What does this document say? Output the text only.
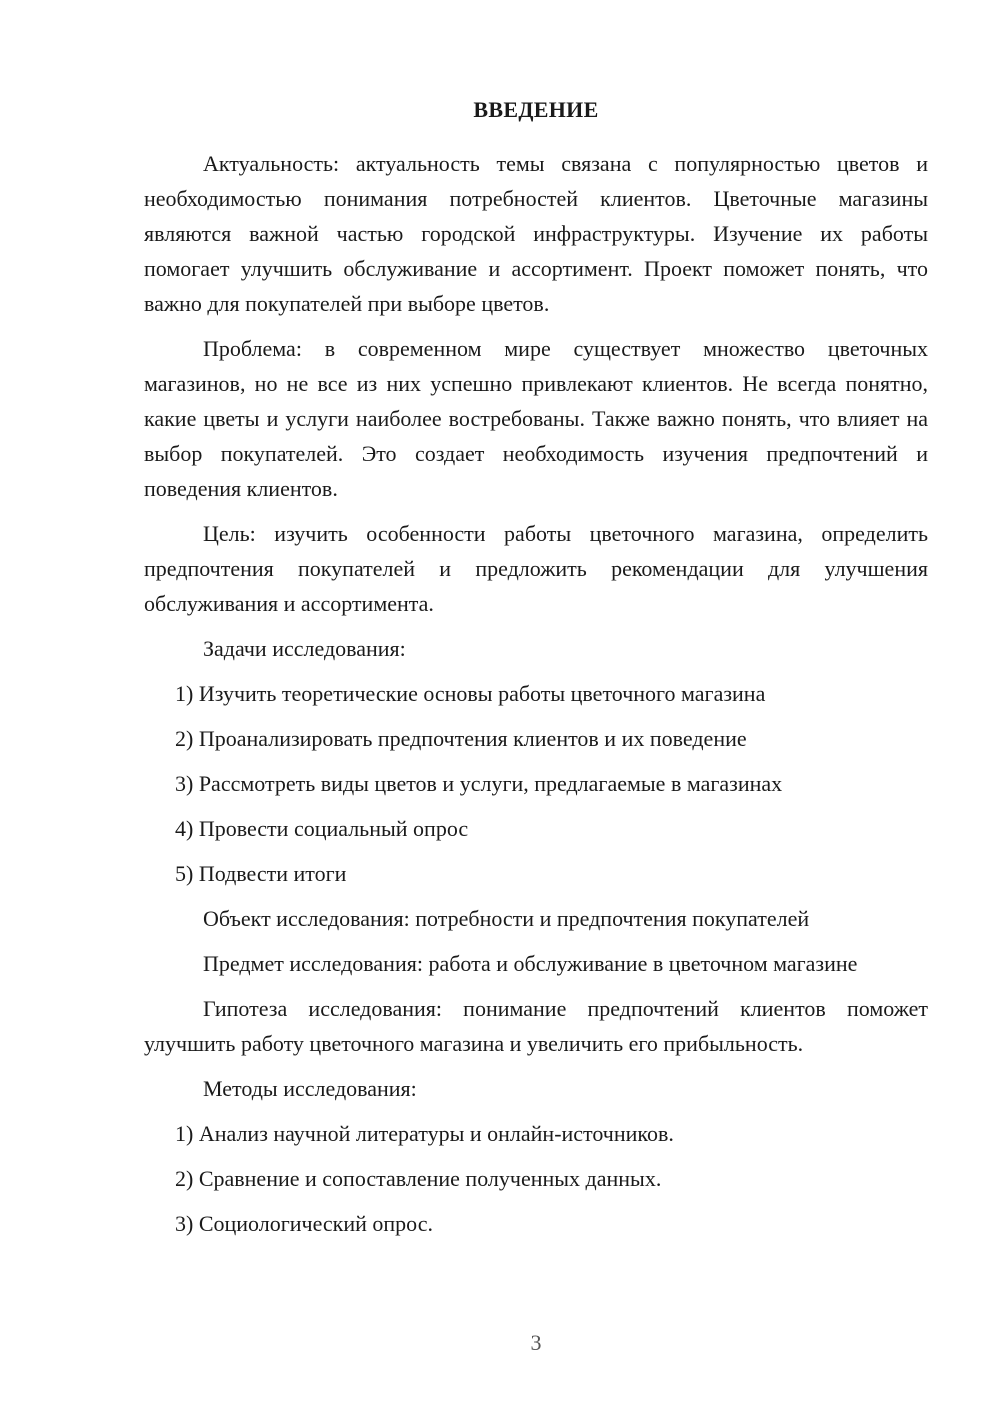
ВВЕДЕНИЕ

Актуальность: актуальность темы связана с популярностью цветов и необходимостью понимания потребностей клиентов. Цветочные магазины являются важной частью городской инфраструктуры. Изучение их работы помогает улучшить обслуживание и ассортимент. Проект поможет понять, что важно для покупателей при выборе цветов.

Проблема: в современном мире существует множество цветочных магазинов, но не все из них успешно привлекают клиентов. Не всегда понятно, какие цветы и услуги наиболее востребованы. Также важно понять, что влияет на выбор покупателей. Это создает необходимость изучения предпочтений и поведения клиентов.

Цель: изучить особенности работы цветочного магазина, определить предпочтения покупателей и предложить рекомендации для улучшения обслуживания и ассортимента.

Задачи исследования:
1) Изучить теоретические основы работы цветочного магазина
2) Проанализировать предпочтения клиентов и их поведение
3) Рассмотреть виды цветов и услуги, предлагаемые в магазинах
4) Провести социальный опрос
5) Подвести итоги

Объект исследования: потребности и предпочтения покупателей

Предмет исследования: работа и обслуживание в цветочном магазине

Гипотеза исследования: понимание предпочтений клиентов поможет улучшить работу цветочного магазина и увеличить его прибыльность.

Методы исследования:
1) Анализ научной литературы и онлайн-источников.
2) Сравнение и сопоставление полученных данных.
3) Социологический опрос.
3
